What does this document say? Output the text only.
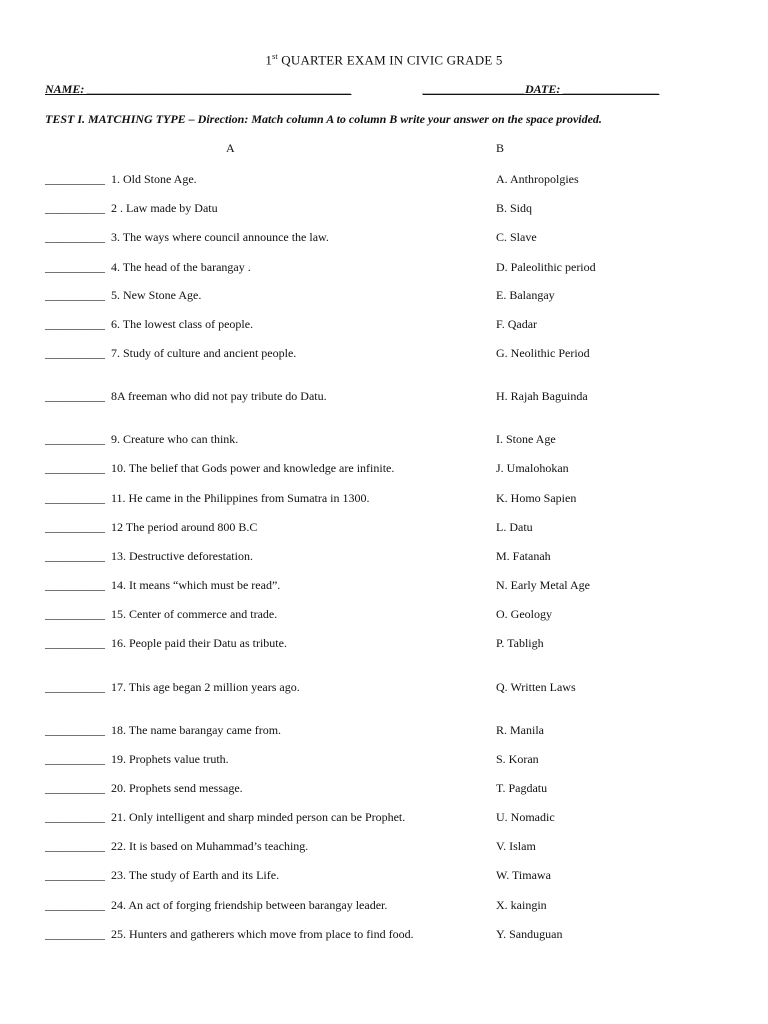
1st QUARTER EXAM IN CIVIC GRADE 5
NAME: ____________________________________________	_________________DATE: ________________
TEST I. MATCHING TYPE – Direction: Match column A to column B write your answer on the space provided.
A	B
__________ 1. Old Stone Age.	A. Anthropolgies
__________ 2 . Law made by Datu	B. Sidq
__________ 3. The ways where council announce the law.	C. Slave
__________ 4. The head of the barangay .	D. Paleolithic period
__________ 5. New Stone Age.	E. Balangay
__________ 6. The lowest class of people.	F. Qadar
__________ 7. Study of culture and ancient people.	G. Neolithic Period
__________ 8A freeman who did not pay tribute do Datu.	H. Rajah Baguinda
__________ 9. Creature who can think.	I. Stone Age
__________ 10. The belief that Gods power and knowledge are infinite.	J. Umalohokan
__________ 11. He came in the Philippines from Sumatra in 1300.	K. Homo Sapien
__________ 12 The period around 800 B.C	L. Datu
__________ 13. Destructive deforestation.	M. Fatanah
__________ 14. It means “which must be read”.	N. Early Metal Age
__________ 15. Center of commerce and trade.	O. Geology
__________ 16. People paid their Datu as tribute.	P. Tabligh
__________ 17. This age began 2 million years ago.	Q. Written Laws
__________ 18. The name barangay came from.	R. Manila
__________ 19. Prophets value truth.	S. Koran
__________ 20. Prophets send message.	T. Pagdatu
__________ 21. Only intelligent and sharp minded person can be Prophet.	U. Nomadic
__________ 22. It is based on Muhammad’s teaching.	V. Islam
__________ 23. The study of Earth and its Life.	W. Timawa
__________ 24. An act of forging friendship between barangay leader.	X. kaingin
__________ 25. Hunters and gatherers which move from place to find food.	Y. Sanduguan
